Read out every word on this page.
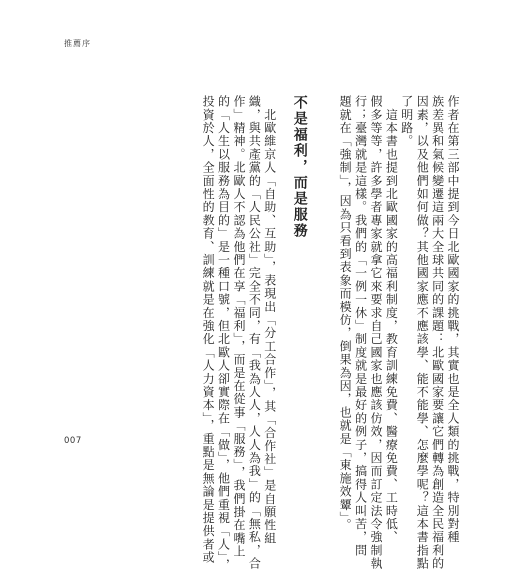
推薦序
作者在第三部中提到今日北歐國家的挑戰，其實也是全人類的挑戰，特別對種
族差異和氣候變遷這兩大全球共同的課題：北歐國家要讓它們轉為創造全民福利的
因素，以及他們如何做？其他國家應不應該學、能不能學、怎麼學呢？這本書指點
了明路。
　這本書也提到北歐國家的高福利制度，教育訓練免費、醫療免費、工時低、
假多等等，許多學者專家就拿它來要求自己國家也應該仿效，因而訂定法令強制執
行；臺灣就是這樣。我們的「一例一休」制度就是最好的例子，搞得人叫苦，問
題就在「強制」，因為只看到表象而模仿，倒果為因，也就是「東施效顰」。
不是福利，而是服務
　北歐維京人「自助、互助」，表現出「分工合作」，其「合作社」是自願性組
織，與共產黨的「人民公社」完全不同，有「我為人人，人人為我」的「無私，合
作」精神。北歐人不認為他們在享「福利」，而是在從事「服務」，我們掛在嘴上
的「人生以服務為目的」是一種口號，但北歐人卻實際在「做」，他們重視「人」，
投資於人，全面性的教育、訓練就是在強化「人力資本」，重點是無論是提供者或
007
